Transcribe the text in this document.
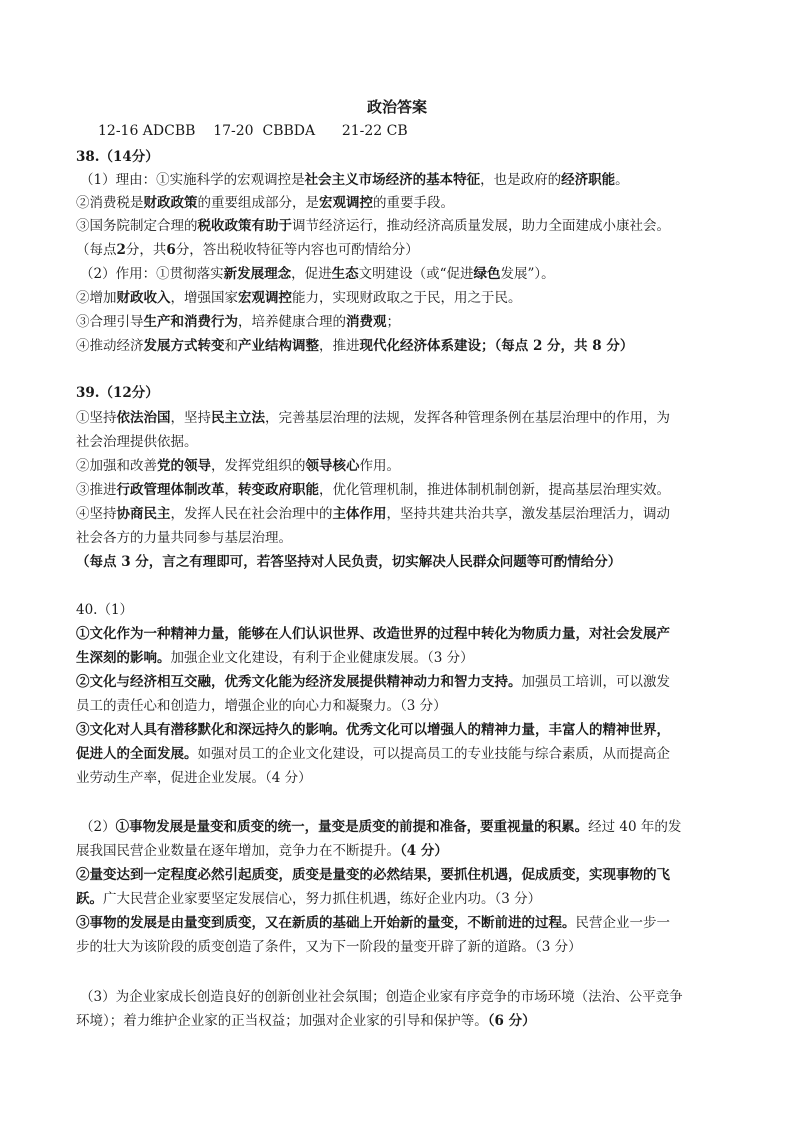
政治答案
12-16 ADCBB    17-20  CBBDA      21-22 CB
38.（14分）
（1）理由：①实施科学的宏观调控是社会主义市场经济的基本特征，也是政府的经济职能。
②消费税是财政政策的重要组成部分，是宏观调控的重要手段。
③国务院制定合理的税收政策有助于调节经济运行，推动经济高质量发展，助力全面建成小康社会。
（每点2分，共6分，答出税收特征等内容也可酌情给分）
（2）作用：①贯彻落实新发展理念，促进生态文明建设（或“促进绿色发展”）。
②增加财政收入，增强国家宏观调控能力，实现财政取之于民，用之于民。
③合理引导生产和消费行为，培养健康合理的消费观；
④推动经济发展方式转变和产业结构调整，推进现代化经济体系建设；（每点 2 分，共 8 分）
39.（12分）
①坚持依法治国，坚持民主立法，完善基层治理的法规，发挥各种管理条例在基层治理中的作用，为
社会治理提供依据。
②加强和改善党的领导，发挥党组织的领导核心作用。
③推进行政管理体制改革，转变政府职能，优化管理机制，推进体制机制创新，提高基层治理实效。
④坚持协商民主，发挥人民在社会治理中的主体作用，坚持共建共治共享，激发基层治理活力，调动
社会各方的力量共同参与基层治理。
（每点 3 分，言之有理即可，若答坚持对人民负责，切实解决人民群众问题等可酌情给分）
40.（1）
①文化作为一种精神力量，能够在人们认识世界、改造世界的过程中转化为物质力量，对社会发展产
生深刻的影响。加强企业文化建设，有利于企业健康发展。（3 分）
②文化与经济相互交融，优秀文化能为经济发展提供精神动力和智力支持。加强员工培训，可以激发
员工的责任心和创造力，增强企业的向心力和凝聚力。（3 分）
③文化对人具有潜移默化和深远持久的影响。优秀文化可以增强人的精神力量，丰富人的精神世界，
促进人的全面发展。如强对员工的企业文化建设，可以提高员工的专业技能与综合素质，从而提高企
业劳动生产率，促进企业发展。（4 分）
（2）①事物发展是量变和质变的统一，量变是质变的前提和准备，要重视量的积累。经过 40 年的发
展我国民营企业数量在逐年增加，竞争力在不断提升。（4 分）
②量变达到一定程度必然引起质变，质变是量变的必然结果，要抓住机遇，促成质变，实现事物的飞
跃。广大民营企业家要坚定发展信心，努力抓住机遇，练好企业内功。（3 分）
③事物的发展是由量变到质变，又在新质的基础上开始新的量变，不断前进的过程。民营企业一步一
步的壮大为该阶段的质变创造了条件，又为下一阶段的量变开辟了新的道路。（3 分）
（3）为企业家成长创造良好的创新创业社会氛围；创造企业家有序竞争的市场环境（法治、公平竞争
环境）；着力维护企业家的正当权益；加强对企业家的引导和保护等。（6 分）
